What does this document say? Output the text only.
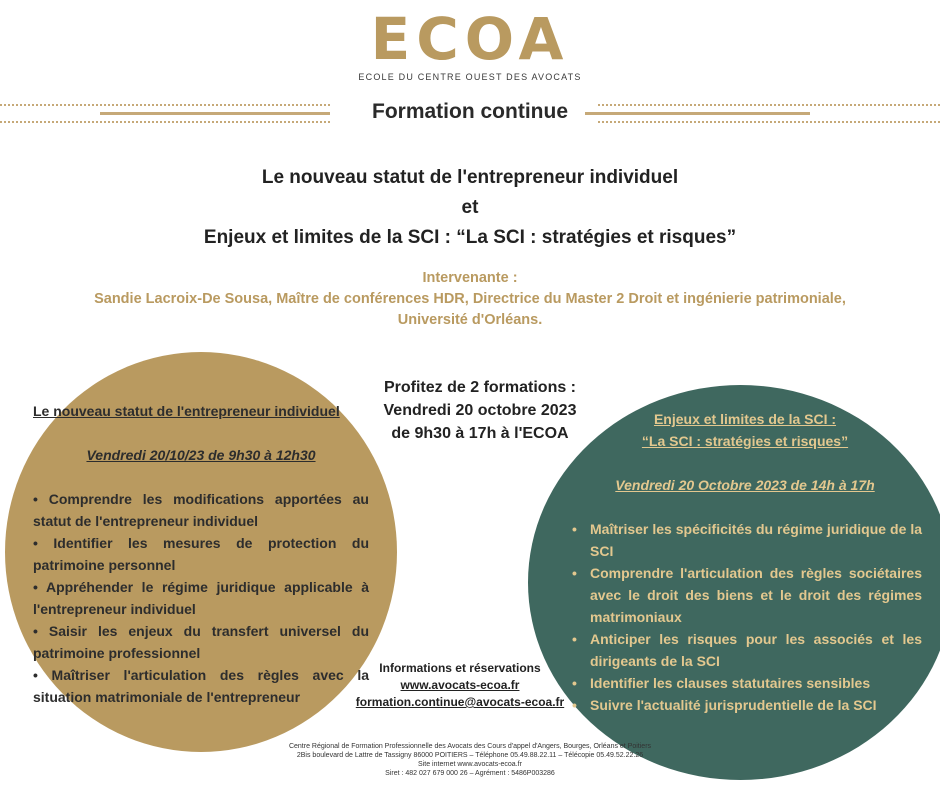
ECOA
ECOLE DU CENTRE OUEST DES AVOCATS
Formation continue
Le nouveau statut de l'entrepreneur individuel
et
Enjeux et limites de la SCI : “La SCI : stratégies et risques”
Intervenante :
Sandie Lacroix-De Sousa, Maître de conférences HDR, Directrice du Master 2 Droit et ingénierie patrimoniale,
Université d'Orléans.
Le nouveau statut de l'entrepreneur individuel
Vendredi 20/10/23 de 9h30 à 12h30
• Comprendre les modifications apportées au statut de l'entrepreneur individuel
• Identifier les mesures de protection du patrimoine personnel
• Appréhender le régime juridique applicable à l'entrepreneur individuel
• Saisir les enjeux du transfert universel du patrimoine professionnel
• Maîtriser l'articulation des règles avec la situation matrimoniale de l'entrepreneur
Profitez de 2 formations :
Vendredi 20 octobre 2023
de 9h30 à 17h à l'ECOA
Enjeux et limites de la SCI :
“La SCI : stratégies et risques”
Vendredi 20 Octobre 2023 de 14h à 17h
• Maîtriser les spécificités du régime juridique de la SCI
• Comprendre l'articulation des règles sociétaires avec le droit des biens et le droit des régimes matrimoniaux
• Anticiper les risques pour les associés et les dirigeants de la SCI
• Identifier les clauses statutaires sensibles
• Suivre l'actualité jurisprudentielle de la SCI
Informations et réservations
www.avocats-ecoa.fr
formation.continue@avocats-ecoa.fr
Centre Régional de Formation Professionnelle des Avocats des Cours d'appel d'Angers, Bourges, Orléans et Poitiers
2Bis boulevard de Lattre de Tassigny 86000 POITIERS – Téléphone 05.49.88.22.11 – Télécopie 05.49.52.22.26
Site internet www.avocats-ecoa.fr
Siret : 482 027 679 000 26 – Agrément : 5486P003286
